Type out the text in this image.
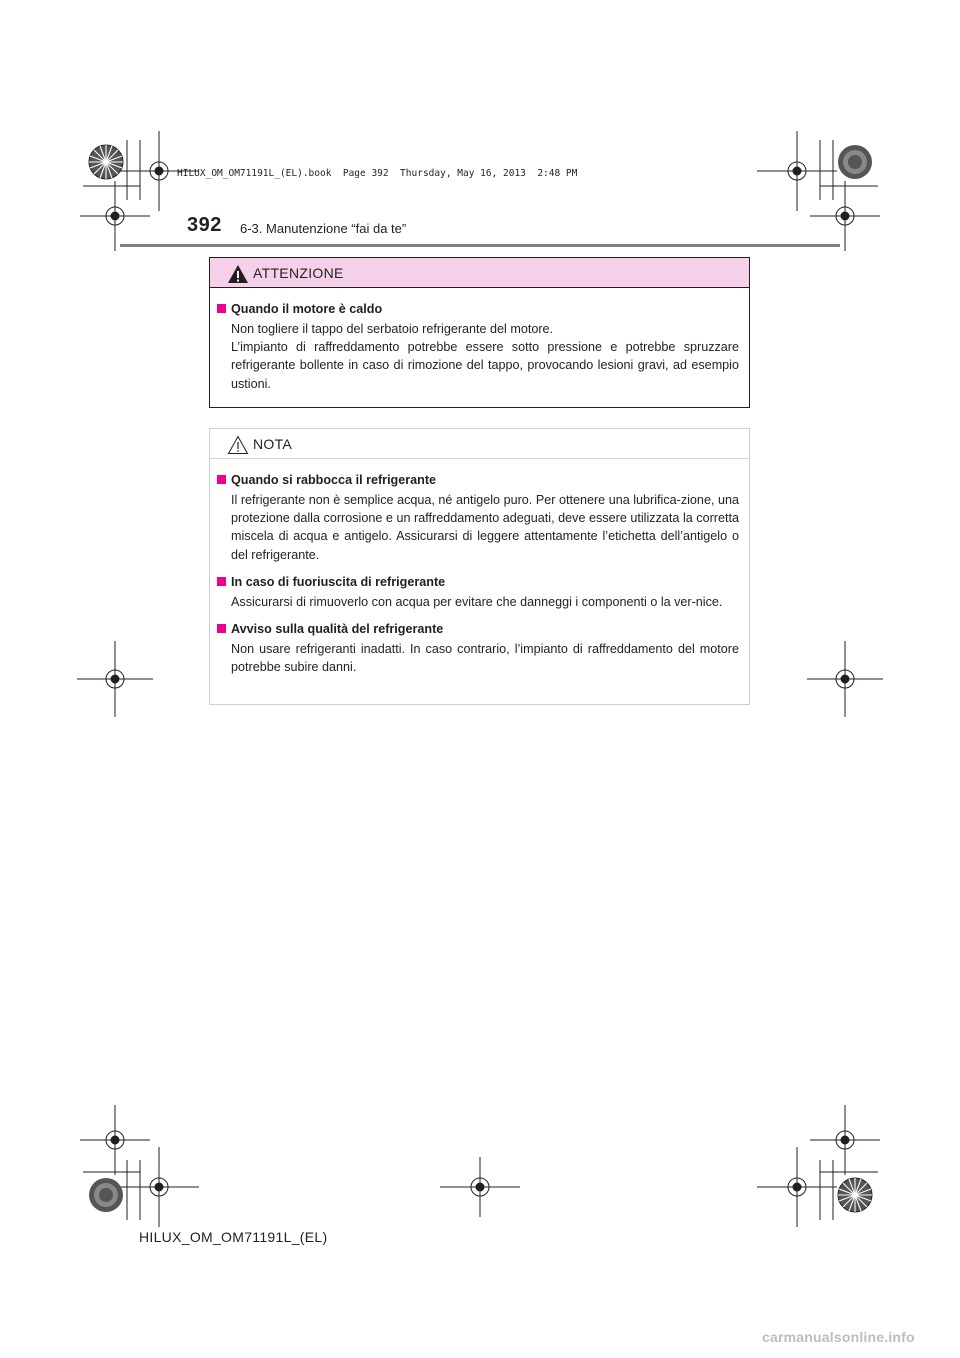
HILUX_OM_OM71191L_(EL).book  Page 392  Thursday, May 16, 2013  2:48 PM
392 6-3. Manutenzione “fai da te”
ATTENZIONE
Quando il motore è caldo
Non togliere il tappo del serbatoio refrigerante del motore.
L’impianto di raffreddamento potrebbe essere sotto pressione e potrebbe spruzzare refrigerante bollente in caso di rimozione del tappo, provocando lesioni gravi, ad esempio ustioni.
NOTA
Quando si rabbocca il refrigerante
Il refrigerante non è semplice acqua, né antigelo puro. Per ottenere una lubrifica-zione, una protezione dalla corrosione e un raffreddamento adeguati, deve essere utilizzata la corretta miscela di acqua e antigelo. Assicurarsi di leggere attentamente l’etichetta dell’antigelo o del refrigerante.
In caso di fuoriuscita di refrigerante
Assicurarsi di rimuoverlo con acqua per evitare che danneggi i componenti o la ver-nice.
Avviso sulla qualità del refrigerante
Non usare refrigeranti inadatti. In caso contrario, l’impianto di raffreddamento del motore potrebbe subire danni.
HILUX_OM_OM71191L_(EL)
carmanualsonline.info
